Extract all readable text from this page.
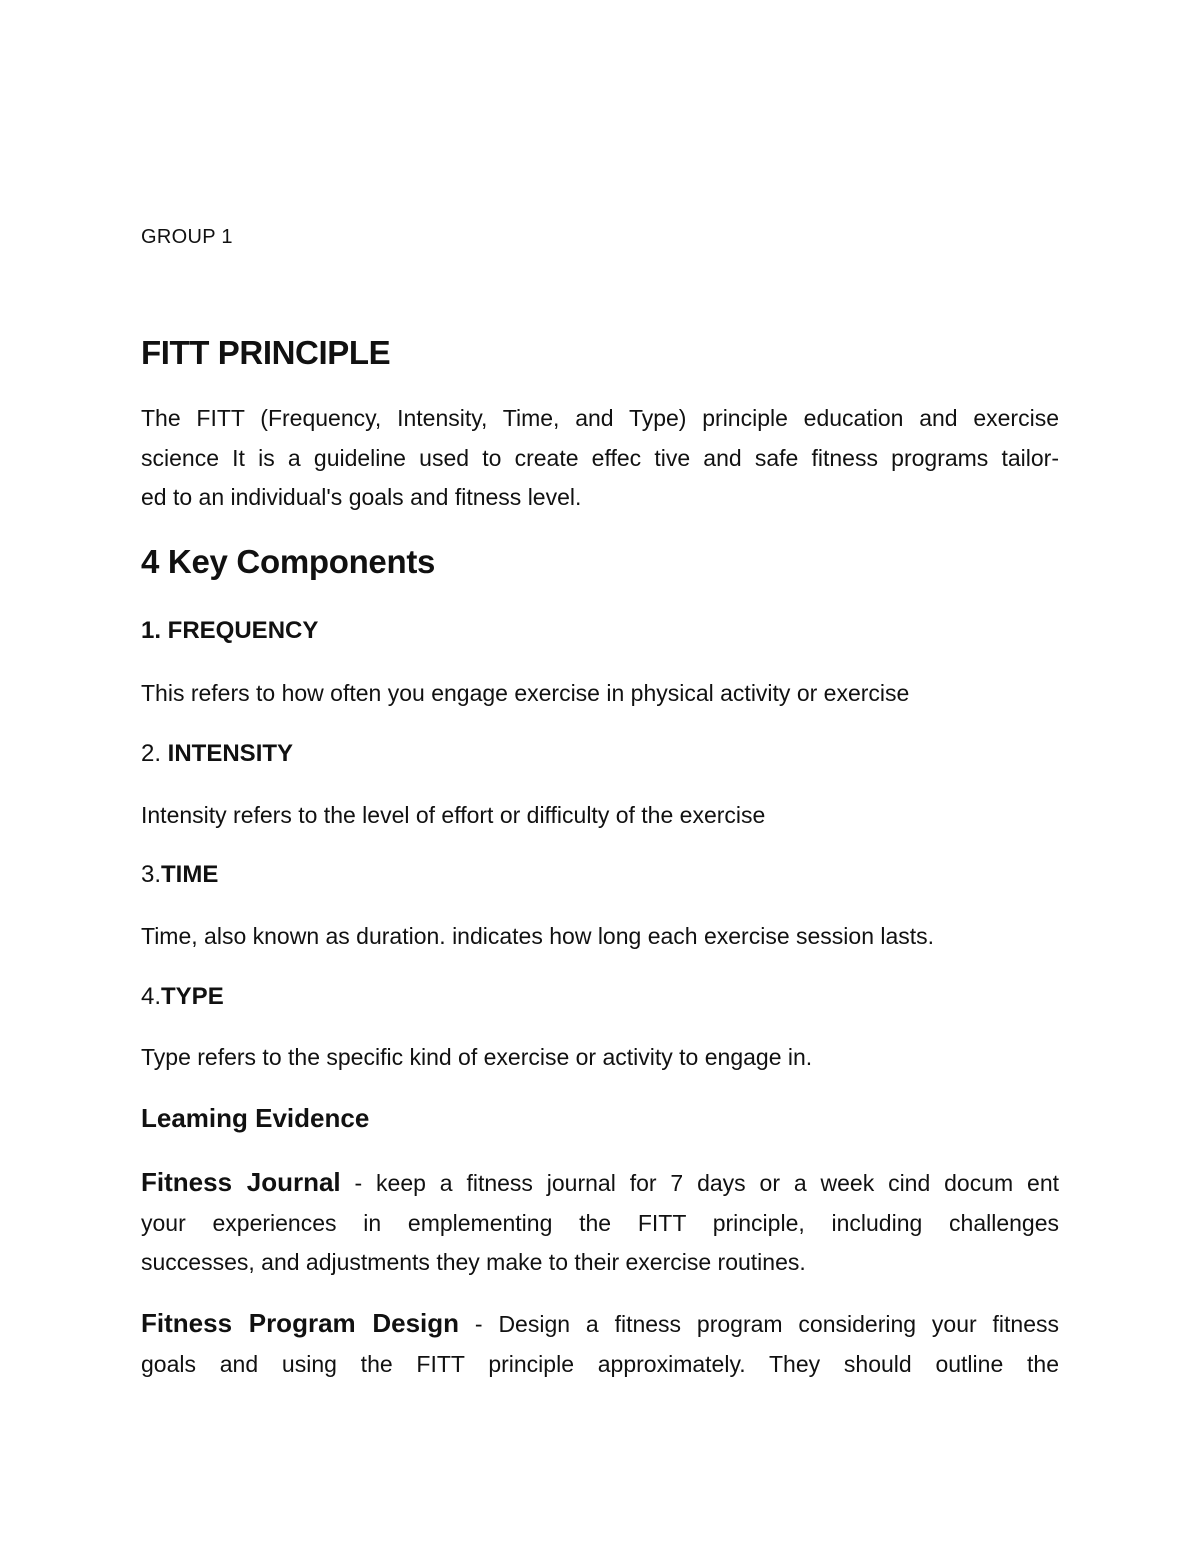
GROUP 1

FITT PRINCIPLE
The FITT (Frequency, Intensity, Time, and Type) principle education and exercise
science It is a guideline used to create effec tive and safe fitness programs tailor-
ed to an individual's goals and fitness level.
4 Key Components
1. FREQUENCY

This refers to how often you engage exercise in physical activity or exercise

2. INTENSITY

Intensity refers to the level of effort or difficulty of the exercise

3.TIME

Time, also known as duration. indicates how long each exercise session lasts.

4.TYPE

Type refers to the specific kind of exercise or activity to engage in.

Leaming Evidence
Fitness Journal - keep a fitness journal for 7 days or a week cind docum ent
your experiences in emplementing the FITT principle, including challenges
successes, and adjustments they make to their exercise routines.
Fitness Program Design - Design a fitness program considering your fitness
goals and using the FITT principle approximately. They should outline the
